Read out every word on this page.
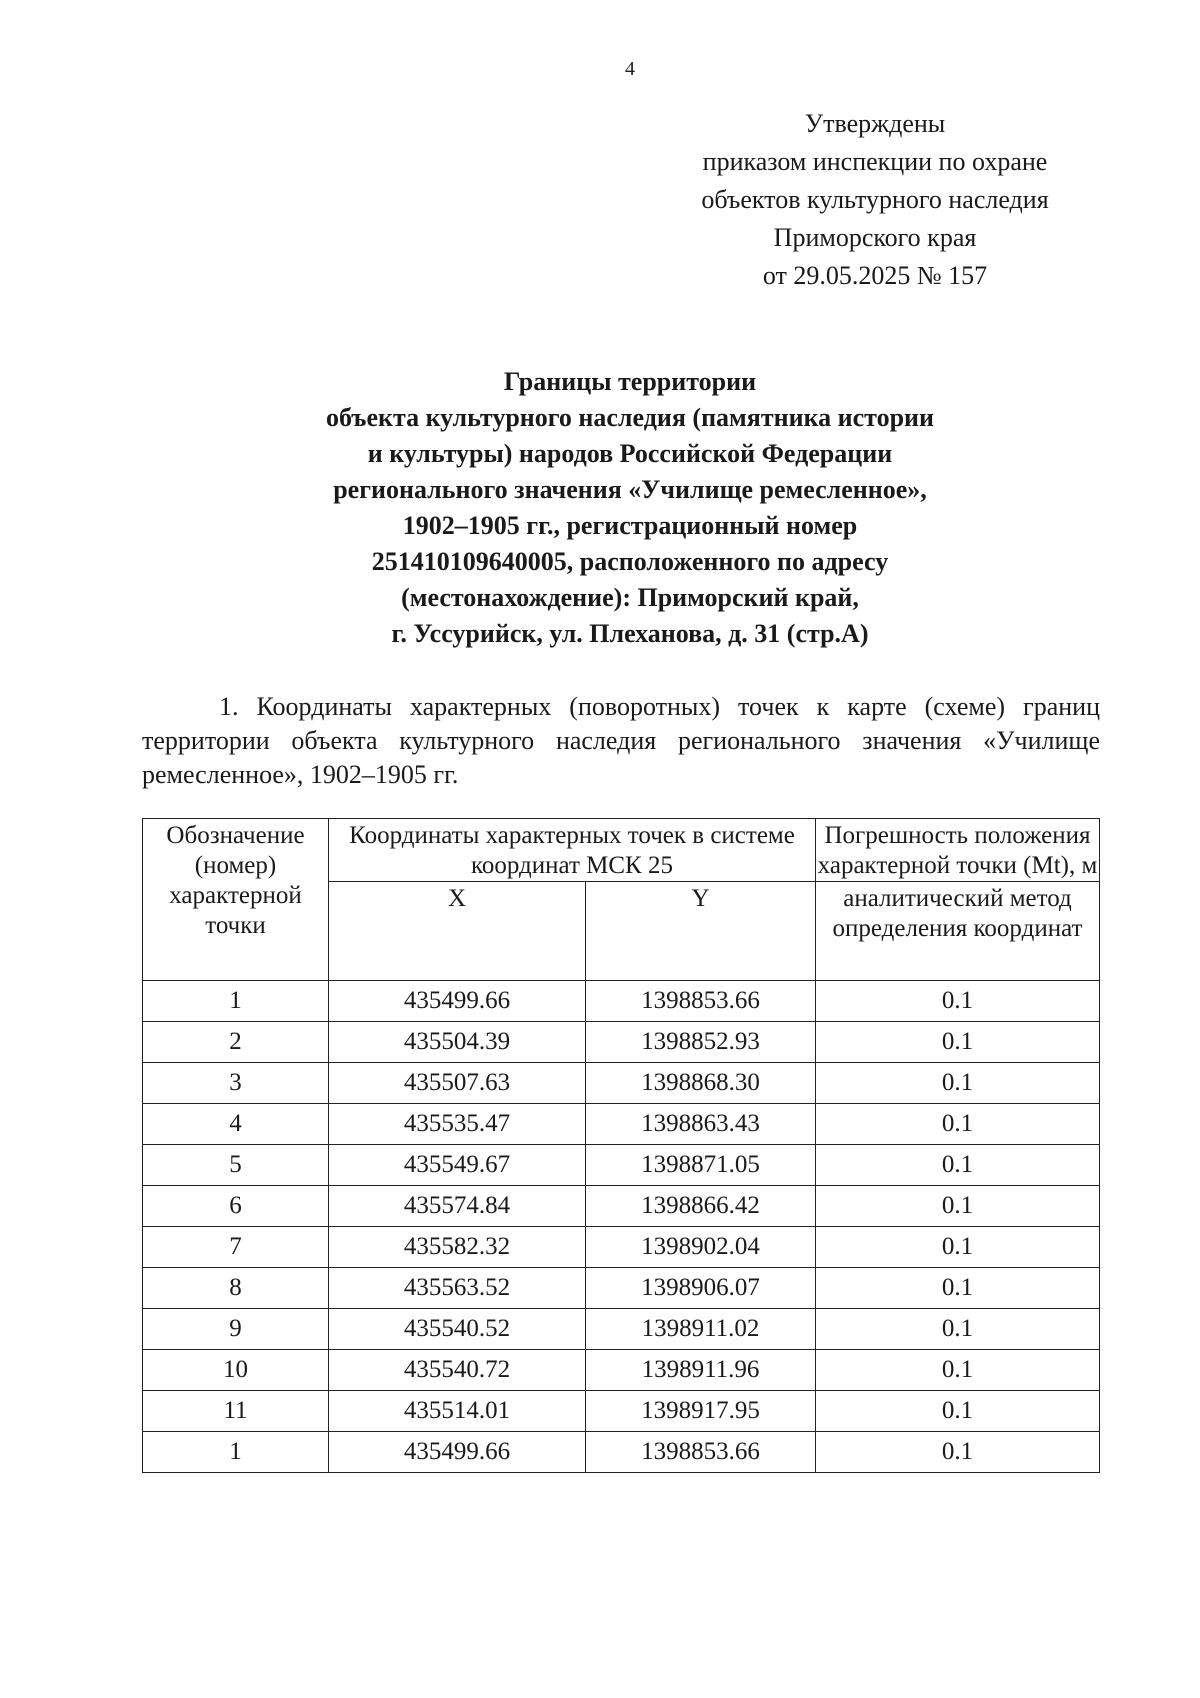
4
Утверждены
приказом инспекции по охране
объектов культурного наследия
Приморского края
от 29.05.2025 № 157
Границы территории
объекта культурного наследия (памятника истории
и культуры) народов Российской Федерации
регионального значения «Училище ремесленное»,
1902–1905 гг., регистрационный номер
251410109640005, расположенного по адресу
(местонахождение): Приморский край,
г. Уссурийск, ул. Плеханова, д. 31 (стр.А)
1. Координаты характерных (поворотных) точек к карте (схеме) границ территории объекта культурного наследия регионального значения «Училище ремесленное», 1902–1905 гг.
Обозначение (номер) характерной точки	Координаты характерных точек в системе координат МСК 25		Погрешность положения характерной точки (Mt), м
	X	Y	аналитический метод определения координат
1	435499.66	1398853.66	0.1
2	435504.39	1398852.93	0.1
3	435507.63	1398868.30	0.1
4	435535.47	1398863.43	0.1
5	435549.67	1398871.05	0.1
6	435574.84	1398866.42	0.1
7	435582.32	1398902.04	0.1
8	435563.52	1398906.07	0.1
9	435540.52	1398911.02	0.1
10	435540.72	1398911.96	0.1
11	435514.01	1398917.95	0.1
1	435499.66	1398853.66	0.1
